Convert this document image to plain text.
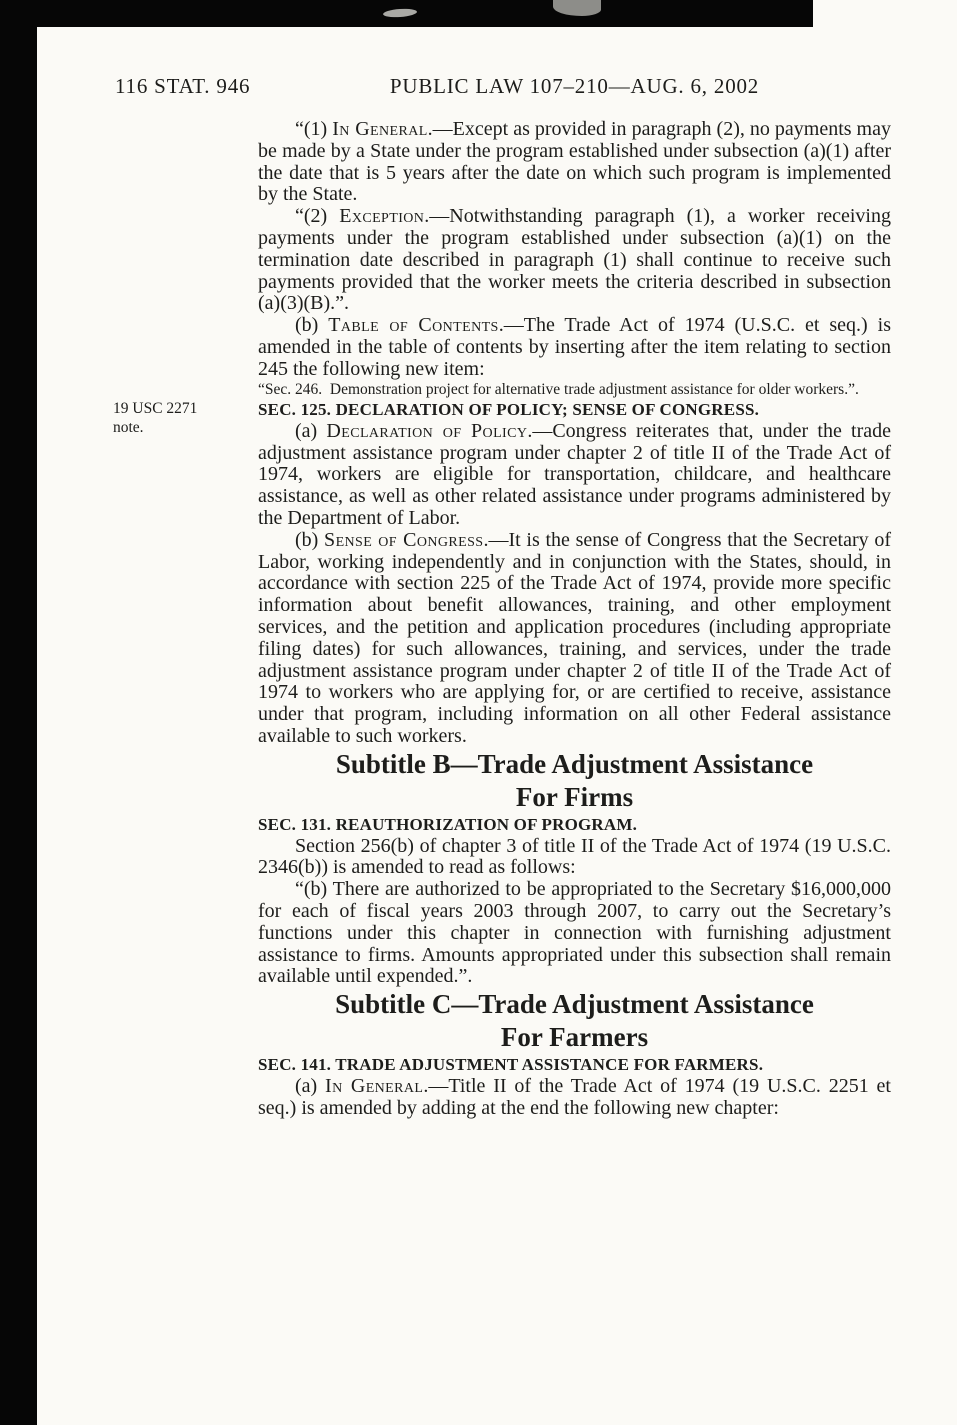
116 STAT. 946	PUBLIC LAW 107–210—AUG. 6, 2002
19 USC 2271
note.

“(1) In General.—Except as provided in paragraph (2), no payments may be made by a State under the program established under subsection (a)(1) after the date that is 5 years after the date on which such program is implemented by the State.

“(2) Exception.—Notwithstanding paragraph (1), a worker receiving payments under the program established under subsection (a)(1) on the termination date described in paragraph (1) shall continue to receive such payments provided that the worker meets the criteria described in subsection (a)(3)(B).”.

(b) Table of Contents.—The Trade Act of 1974 (U.S.C. et seq.) is amended in the table of contents by inserting after the item relating to section 245 the following new item:

“Sec. 246.  Demonstration project for alternative trade adjustment assistance for older workers.”.

SEC. 125. DECLARATION OF POLICY; SENSE OF CONGRESS.

(a) Declaration of Policy.—Congress reiterates that, under the trade adjustment assistance program under chapter 2 of title II of the Trade Act of 1974, workers are eligible for transportation, childcare, and healthcare assistance, as well as other related assistance under programs administered by the Department of Labor.

(b) Sense of Congress.—It is the sense of Congress that the Secretary of Labor, working independently and in conjunction with the States, should, in accordance with section 225 of the Trade Act of 1974, provide more specific information about benefit allowances, training, and other employment services, and the petition and application procedures (including appropriate filing dates) for such allowances, training, and services, under the trade adjustment assistance program under chapter 2 of title II of the Trade Act of 1974 to workers who are applying for, or are certified to receive, assistance under that program, including information on all other Federal assistance available to such workers.

Subtitle B—Trade Adjustment Assistance
For Firms

SEC. 131. REAUTHORIZATION OF PROGRAM.

Section 256(b) of chapter 3 of title II of the Trade Act of 1974 (19 U.S.C. 2346(b)) is amended to read as follows:

“(b) There are authorized to be appropriated to the Secretary $16,000,000 for each of fiscal years 2003 through 2007, to carry out the Secretary’s functions under this chapter in connection with furnishing adjustment assistance to firms. Amounts appropriated under this subsection shall remain available until expended.”.

Subtitle C—Trade Adjustment Assistance
For Farmers

SEC. 141. TRADE ADJUSTMENT ASSISTANCE FOR FARMERS.

(a) In General.—Title II of the Trade Act of 1974 (19 U.S.C. 2251 et seq.) is amended by adding at the end the following new chapter:
